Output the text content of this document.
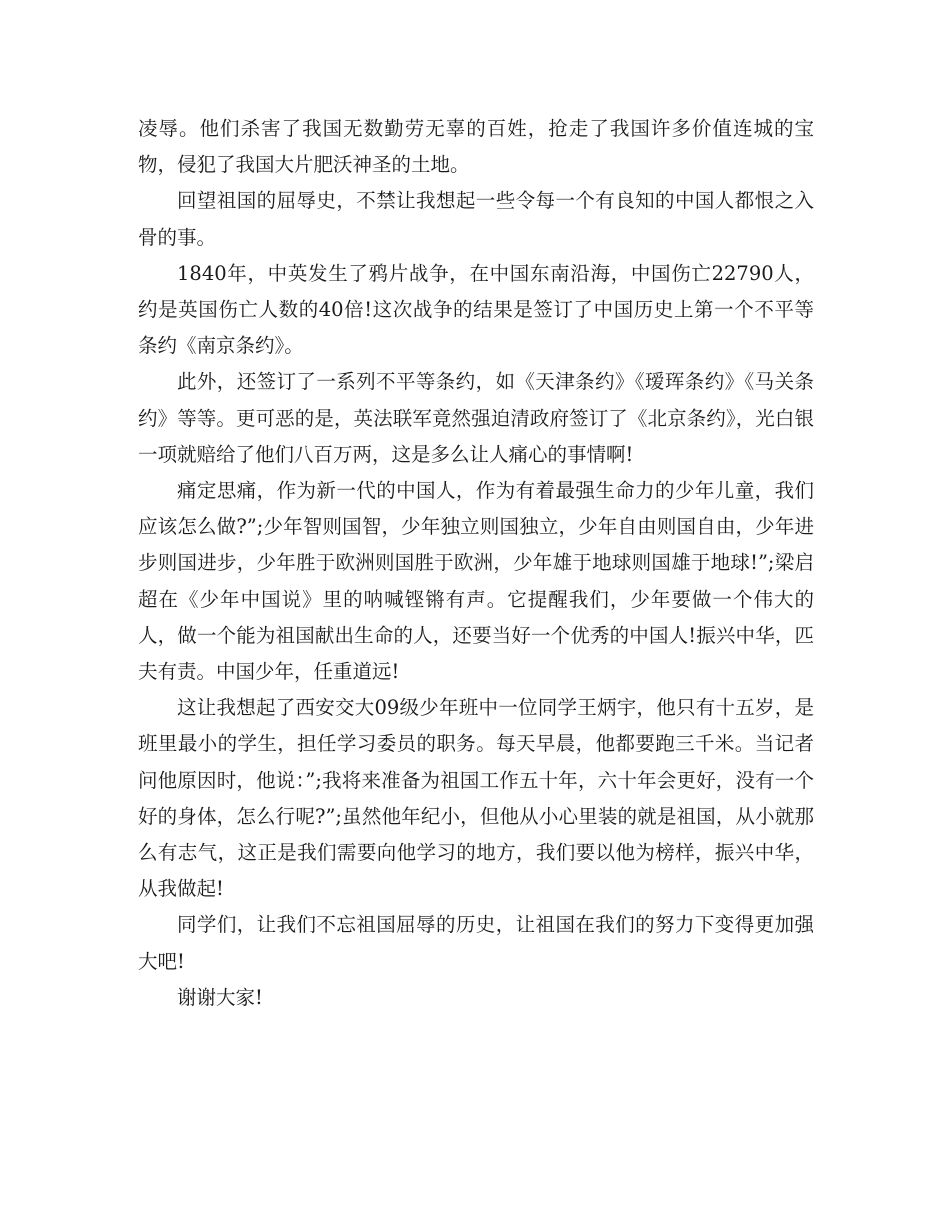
凌辱。他们杀害了我国无数勤劳无辜的百姓，抢走了我国许多价值连城的宝物，侵犯了我国大片肥沃神圣的土地。

回望祖国的屈辱史，不禁让我想起一些令每一个有良知的中国人都恨之入骨的事。

1840年，中英发生了鸦片战争，在中国东南沿海，中国伤亡22790人，约是英国伤亡人数的40倍!这次战争的结果是签订了中国历史上第一个不平等条约《南京条约》。

此外，还签订了一系列不平等条约，如《天津条约》《瑷珲条约》《马关条约》等等。更可恶的是，英法联军竟然强迫清政府签订了《北京条约》，光白银一项就赔给了他们八百万两，这是多么让人痛心的事情啊!

痛定思痛，作为新一代的中国人，作为有着最强生命力的少年儿童，我们应该怎么做?”;少年智则国智，少年独立则国独立，少年自由则国自由，少年进步则国进步，少年胜于欧洲则国胜于欧洲，少年雄于地球则国雄于地球!”;梁启超在《少年中国说》里的呐喊铿锵有声。它提醒我们，少年要做一个伟大的人，做一个能为祖国献出生命的人，还要当好一个优秀的中国人!振兴中华，匹夫有责。中国少年，任重道远!

这让我想起了西安交大09级少年班中一位同学王炳宇，他只有十五岁，是班里最小的学生，担任学习委员的职务。每天早晨，他都要跑三千米。当记者问他原因时，他说：”;我将来准备为祖国工作五十年，六十年会更好，没有一个好的身体，怎么行呢?”;虽然他年纪小，但他从小心里装的就是祖国，从小就那么有志气，这正是我们需要向他学习的地方，我们要以他为榜样，振兴中华，从我做起!

同学们，让我们不忘祖国屈辱的历史，让祖国在我们的努力下变得更加强大吧!

谢谢大家!
